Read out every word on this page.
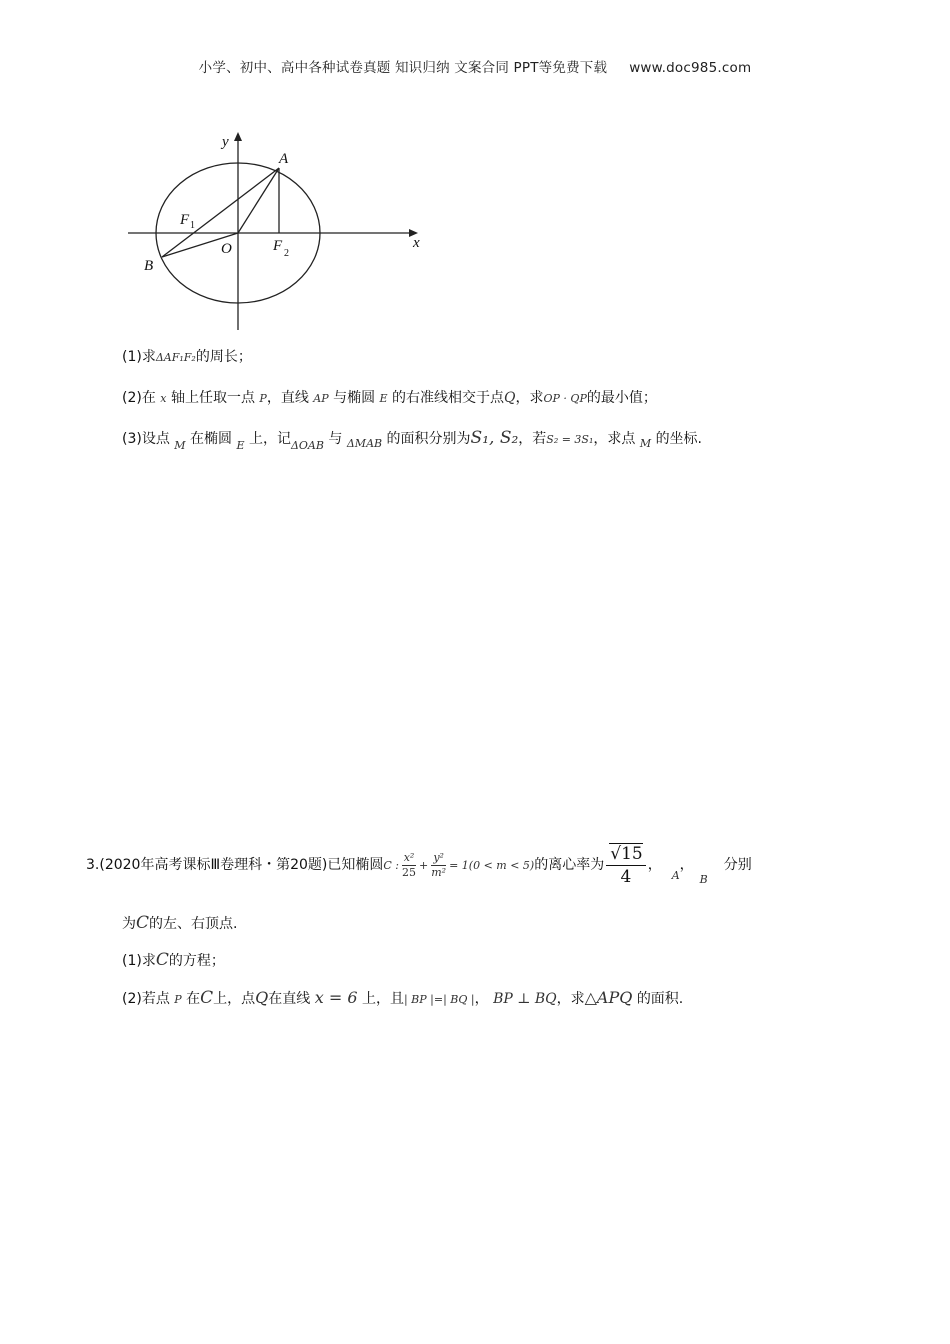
小学、初中、高中各种试卷真题 知识归纳 文案合同 PPT等免费下载 www.doc985.com
y
x
A
B
O
F 1
F 2
(1)求ΔAF₁F₂的周长；
(2)在 x 轴上任取一点 P，直线 AP 与椭圆 E 的右准线相交于点Q，求OP · QP的最小值；
(3)设点 $_M$ 在椭圆 $_E$ 上，记$_{\Delta OAB}$ 与 $_{\Delta MAB}$ 的面积分别为S₁, S₂，若S₂ = 3S₁，求点 $_M$ 的坐标.
3.(2020年高考课标Ⅲ卷理科・第20题)已知椭圆C : $\frac{\text{x²}}{25} + \frac{\text{y²}}{\text{m²}} = 1(0 < m < 5)$的离心率为 $\frac{√15}{4}$ ，$_A$，$_B$分别
为C的左、右顶点.
(1)求C的方程；
(2)若点 P 在C上，点Q在直线 x = 6 上，且| BP |=| BQ |， BP ⊥ BQ，求△APQ 的面积.
